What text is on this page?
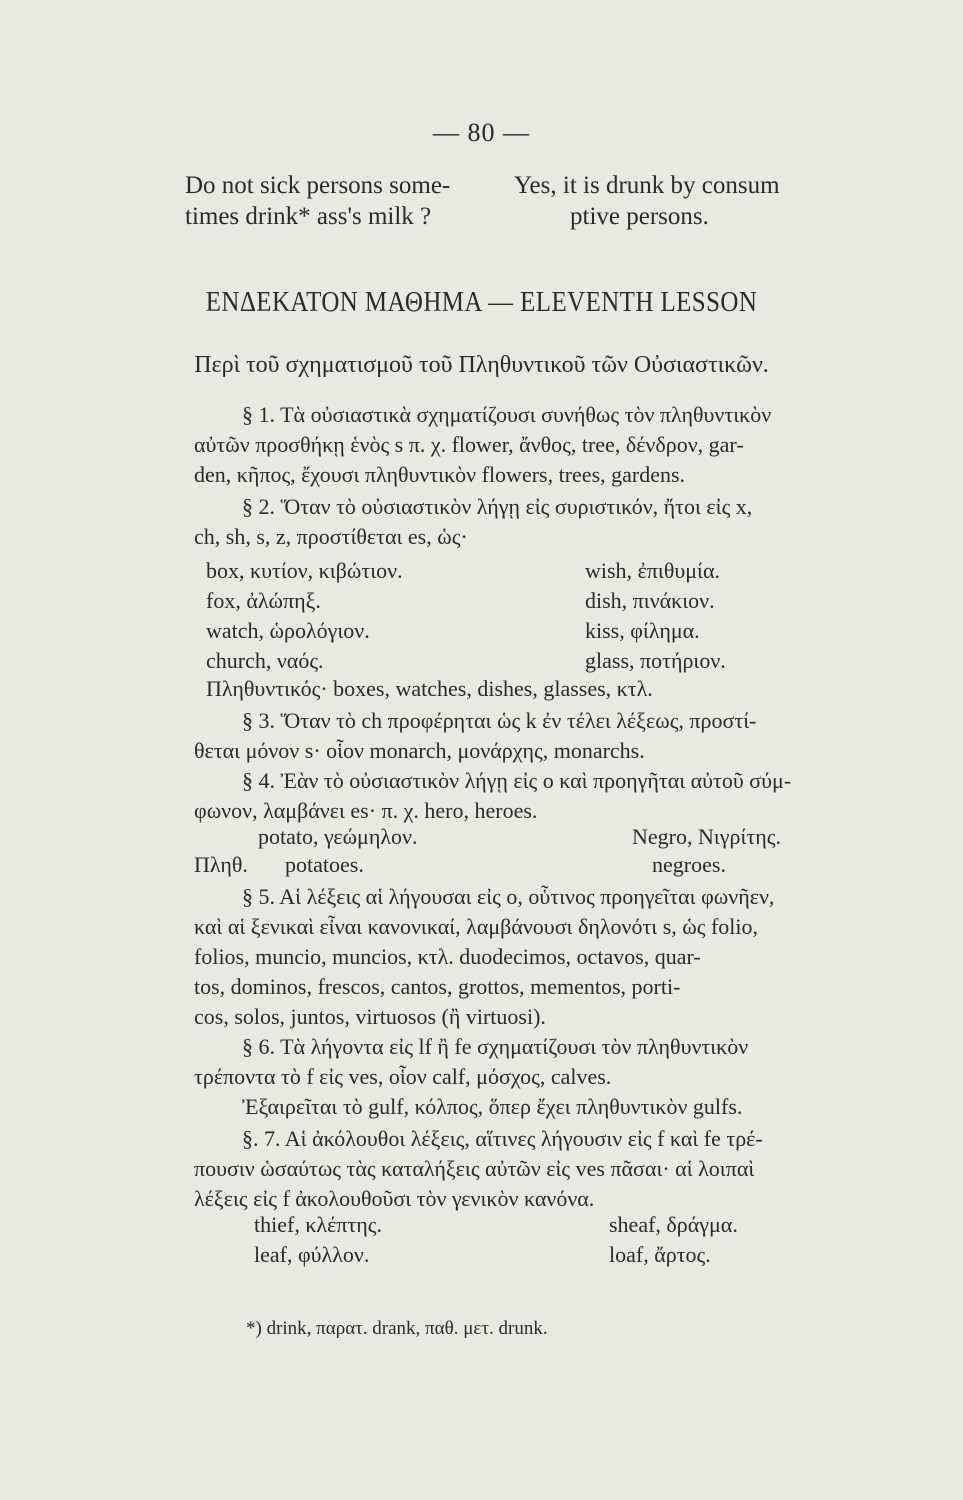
— 80 —
Do not sick persons some-
times drink* ass's milk ?
Yes, it is drunk by consum
ptive persons.
ΕΝΔΕΚΑΤΟΝ ΜΑΘΗΜΑ — ELEVENTH LESSON
Περὶ τοῦ σχηματισμοῦ τοῦ Πληθυντικοῦ τῶν Οὐσιαστικῶν.
§ 1. Τὰ οὐσιαστικὰ σχηματίζουσι συνήθως τὸν πληθυντικὸν
αὐτῶν προσθήκῃ ἑνὸς s π. χ. flower, ἄνθος, tree, δένδρον, gar-
den, κῆπος, ἔχουσι πληθυντικὸν flowers, trees, gardens.
§ 2. Ὅταν τὸ οὐσιαστικὸν λήγῃ εἰς συριστικόν, ἤτοι εἰς x,
ch, sh, s, z, προστίθεται es, ὡς·
box, κυτίον, κιβώτιον.
fox, ἀλώπηξ.
watch, ὡρολόγιον.
church, ναός.
wish, ἐπιθυμία.
dish, πινάκιον.
kiss, φίλημα.
glass, ποτήριον.
Πληθυντικός· boxes, watches, dishes, glasses, κτλ.
§ 3. Ὅταν τὸ ch προφέρηται ὡς k ἐν τέλει λέξεως, προστί-
θεται μόνον s· οἷον monarch, μονάρχης, monarchs.
§ 4. Ἐὰν τὸ οὐσιαστικὸν λήγῃ εἰς o καὶ προηγῆται αὐτοῦ σύμ-
φωνον, λαμβάνει es· π. χ. hero, heroes.
potato, γεώμηλον.	Negro, Νιγρίτης.
Πληθ. potatoes.	negroes.
§ 5. Αἱ λέξεις αἱ λήγουσαι εἰς o, οὗτινος προηγεῖται φωνῆεν,
καὶ αἱ ξενικαὶ εἶναι κανονικαί, λαμβάνουσι δηλονότι s, ὡς folio,
folios, muncio, muncios, κτλ. duodecimos, octavos, quar-
tos, dominos, frescos, cantos, grottos, mementos, porti-
cos, solos, juntos, virtuosos (ἢ virtuosi).
§ 6. Τὰ λήγοντα εἰς lf ἢ fe σχηματίζουσι τὸν πληθυντικὸν
τρέποντα τὸ f εἰς ves, οἷον calf, μόσχος, calves.
Ἐξαιρεῖται τὸ gulf, κόλπος, ὅπερ ἔχει πληθυντικὸν gulfs.
§. 7. Αἱ ἀκόλουθοι λέξεις, αἵτινες λήγουσιν εἰς f καὶ fe τρέ-
πουσιν ὡσαύτως τὰς καταλήξεις αὐτῶν εἰς ves πᾶσαι· αἱ λοιπαὶ
λέξεις εἰς f ἀκολουθοῦσι τὸν γενικὸν κανόνα.
thief, κλέπτης.
leaf, φύλλον.
sheaf, δράγμα.
loaf, ἄρτος.
*) drink, παρατ. drank, παθ. μετ. drunk.
